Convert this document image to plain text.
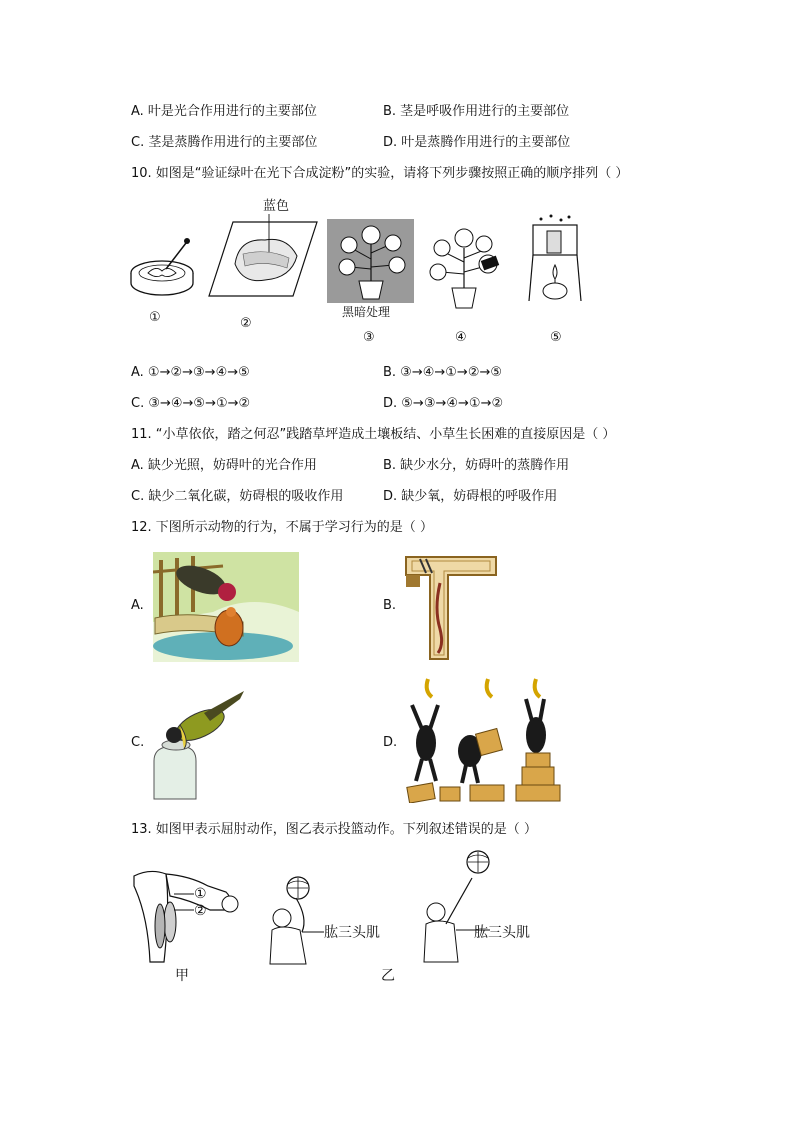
A. 叶是光合作用进行的主要部位	B. 茎是呼吸作用进行的主要部位
C. 茎是蒸腾作用进行的主要部位	D. 叶是蒸腾作用进行的主要部位
10. 如图是“验证绿叶在光下合成淀粉”的实验，请将下列步骤按照正确的顺序排列（ ）
①
蓝色
②
黑暗处理
③	④	⑤
A. ①→②→③→④→⑤	B. ③→④→①→②→⑤
C. ③→④→⑤→①→②	D. ⑤→③→④→①→②
11. “小草依依，踏之何忍”践踏草坪造成土壤板结、小草生长困难的直接原因是（ ）
A. 缺少光照，妨碍叶的光合作用	B. 缺少水分，妨碍叶的蒸腾作用
C. 缺少二氧化碳，妨碍根的吸收作用	D. 缺少氧，妨碍根的呼吸作用
12. 下图所示动物的行为，不属于学习行为的是（ ）
A.	B.
C.	D.
13. 如图甲表示屈肘动作，图乙表示投篮动作。下列叙述错误的是（ ）
①
②
甲
肱三头肌
乙
肱三头肌
